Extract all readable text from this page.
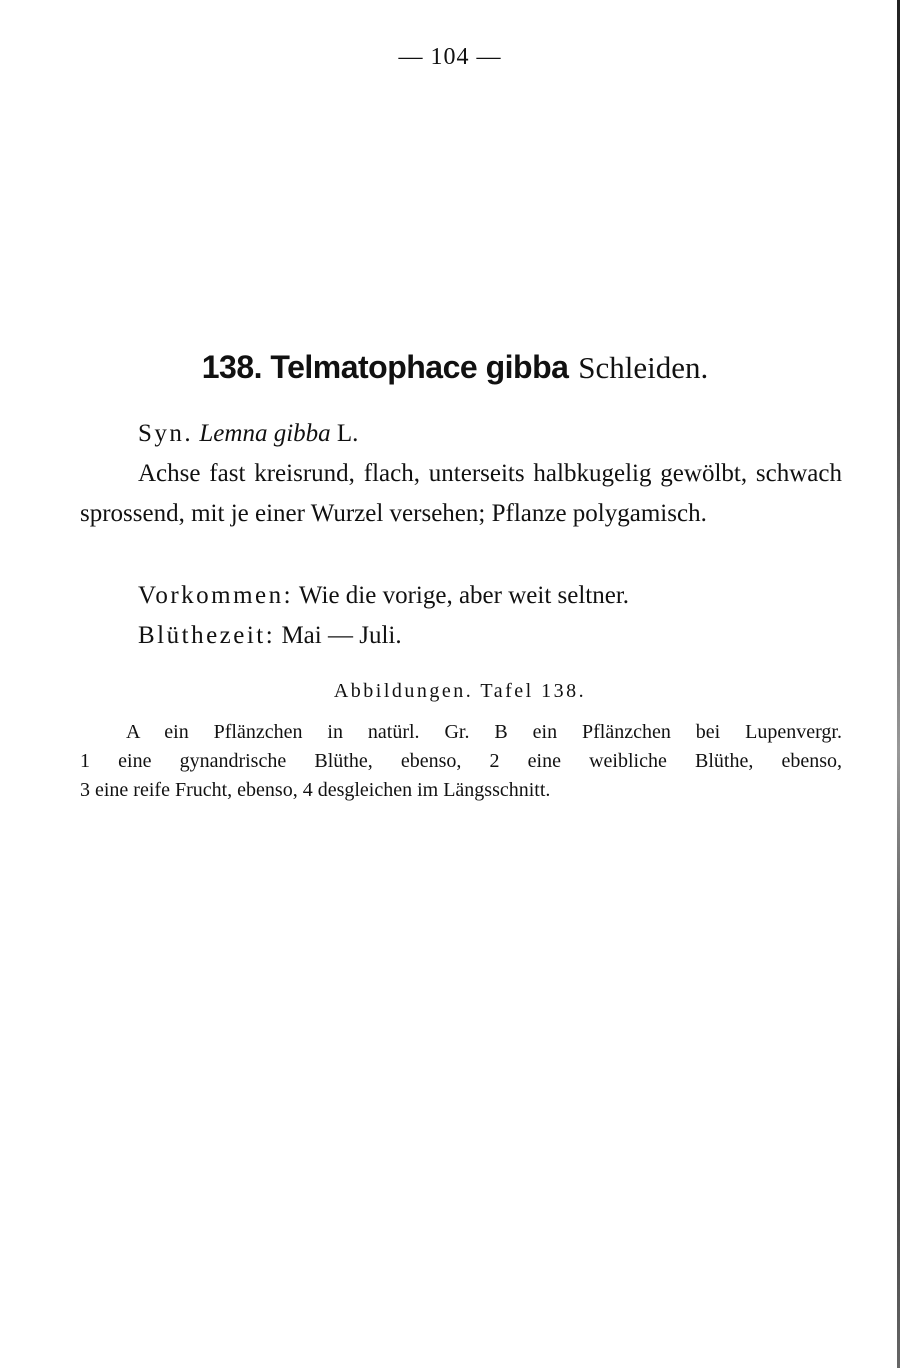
— 104 —
138. Telmatophace gibba Schleiden.

Syn. Lemna gibba L.

Achse fast kreisrund, flach, unterseits halbkugelig gewölbt, schwach sprossend, mit je einer Wurzel versehen; Pflanze polygamisch.

Vorkommen: Wie die vorige, aber weit seltner.

Blüthezeit: Mai — Juli.

Abbildungen. Tafel 138.
A ein Pflänzchen in natürl. Gr. B ein Pflänzchen bei Lupenvergr.
1 eine gynandrische Blüthe, ebenso, 2 eine weibliche Blüthe, ebenso,
3 eine reife Frucht, ebenso, 4 desgleichen im Längsschnitt.
